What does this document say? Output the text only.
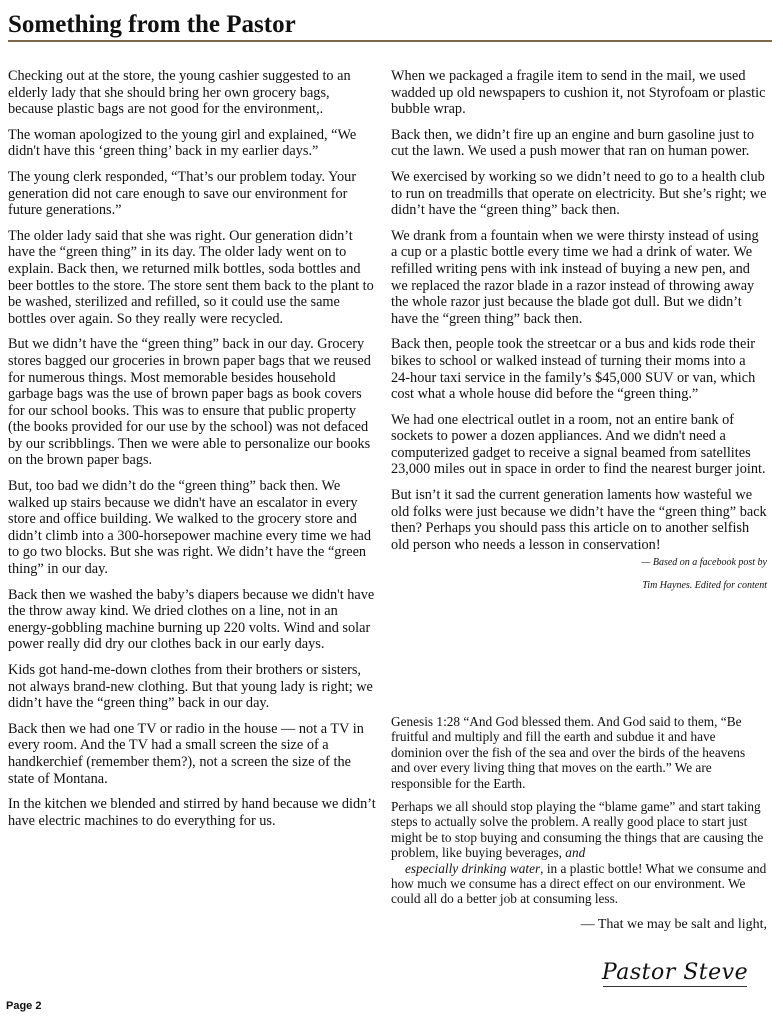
Something from the Pastor

Checking out at the store, the young cashier suggested to an elderly lady that she should bring her own grocery bags, because plastic bags are not good for the environment,.

The woman apologized to the young girl and explained, “We didn't have this ‘green thing’ back in my earlier days.”

The young clerk responded, “That’s our problem today. Your generation did not care enough to save our environment for future generations.”

The older lady said that she was right. Our generation didn’t have the “green thing” in its day. The older lady went on to explain. Back then, we returned milk bottles, soda bottles and beer bottles to the store. The store sent them back to the plant to be washed, sterilized and refilled, so it could use the same bottles over again. So they really were recycled.

But we didn’t have the “green thing” back in our day. Grocery stores bagged our groceries in brown paper bags that we reused for numerous things. Most memorable besides household garbage bags was the use of brown paper bags as book covers for our school books. This was to ensure that public property (the books provided for our use by the school) was not defaced by our scribblings. Then we were able to personalize our books on the brown paper bags.

But, too bad we didn’t do the “green thing” back then. We walked up stairs because we didn't have an escalator in every store and office building. We walked to the grocery store and didn’t climb into a 300-horsepower machine every time we had to go two blocks. But she was right. We didn’t have the “green thing” in our day.

Back then we washed the baby’s diapers because we didn't have the throw away kind. We dried clothes on a line, not in an energy-gobbling machine burning up 220 volts. Wind and solar power really did dry our clothes back in our early days.

Kids got hand-me-down clothes from their brothers or sisters, not always brand-new clothing. But that young lady is right; we didn’t have the “green thing” back in our day.

Back then we had one TV or radio in the house — not a TV in every room. And the TV had a small screen the size of a handkerchief (remember them?), not a screen the size of the state of Montana.

In the kitchen we blended and stirred by hand because we didn’t have electric machines to do everything for us.

When we packaged a fragile item to send in the mail, we used wadded up old newspapers to cushion it, not Styrofoam or plastic bubble wrap.

Back then, we didn’t fire up an engine and burn gasoline just to cut the lawn. We used a push mower that ran on human power.

We exercised by working so we didn’t need to go to a health club to run on treadmills that operate on electricity. But she’s right; we didn’t have the “green thing” back then.

We drank from a fountain when we were thirsty instead of using a cup or a plastic bottle every time we had a drink of water. We refilled writing pens with ink instead of buying a new pen, and we replaced the razor blade in a razor instead of throwing away the whole razor just because the blade got dull. But we didn’t have the “green thing” back then.

Back then, people took the streetcar or a bus and kids rode their bikes to school or walked instead of turning their moms into a 24-hour taxi service in the family’s $45,000 SUV or van, which cost what a whole house did before the “green thing.”

We had one electrical outlet in a room, not an entire bank of sockets to power a dozen appliances. And we didn't need a computerized gadget to receive a signal beamed from satellites 23,000 miles out in space in order to find the nearest burger joint.

But isn’t it sad the current generation laments how wasteful we old folks were just because we didn’t have the “green thing” back then? Perhaps you should pass this article on to another selfish old person who needs a lesson in conservation!

— Based on a facebook post by
Tim Haynes. Edited for content

Genesis 1:28 “And God blessed them. And God said to them, “Be fruitful and multiply and fill the earth and subdue it and have dominion over the fish of the sea and over the birds of the heavens and over every living thing that moves on the earth.” We are responsible for the Earth.

Perhaps we all should stop playing the “blame game” and start taking steps to actually solve the problem. A really good place to start just might be to stop buying and consuming the things that are causing the problem, like buying beverages, and
especially drinking water, in a plastic bottle! What we consume and how much we consume has a direct effect on our environment. We could all do a better job at consuming less.

— That we may be salt and light,
Pastor Steve
Page 2
